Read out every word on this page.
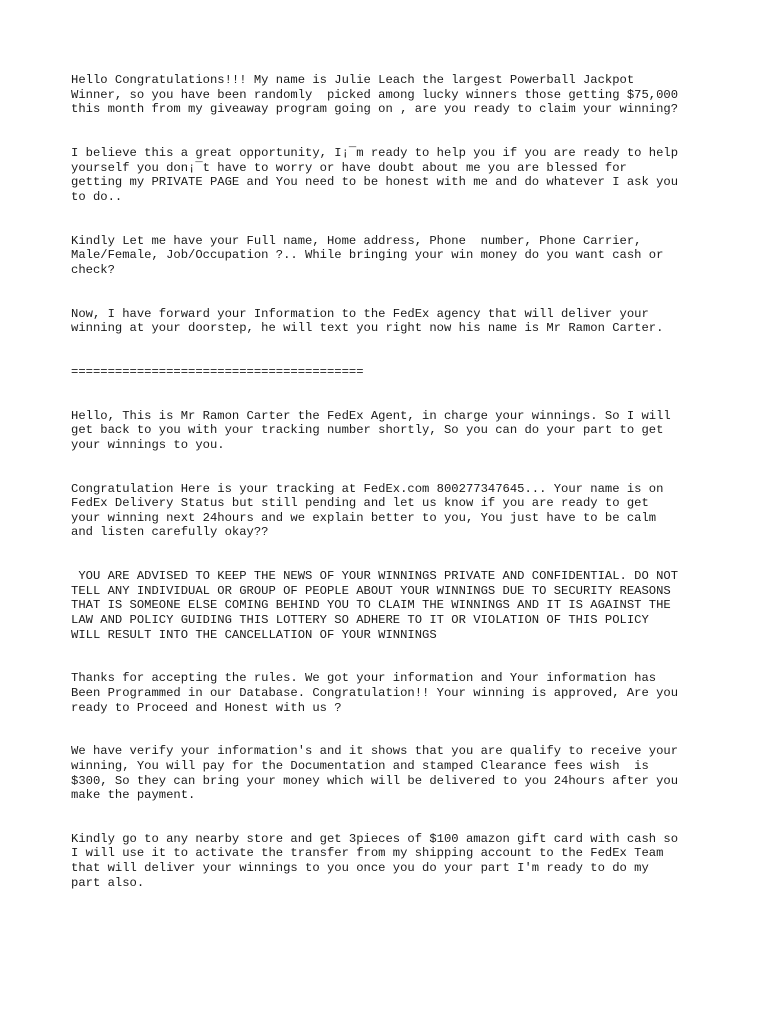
Hello Congratulations!!! My name is Julie Leach the largest Powerball Jackpot
Winner, so you have been randomly  picked among lucky winners those getting $75,000
this month from my giveaway program going on , are you ready to claim your winning?

I believe this a great opportunity, I¡¯m ready to help you if you are ready to help
yourself you don¡¯t have to worry or have doubt about me you are blessed for
getting my PRIVATE PAGE and You need to be honest with me and do whatever I ask you
to do..

Kindly Let me have your Full name, Home address, Phone  number, Phone Carrier,
Male/Female, Job/Occupation ?.. While bringing your win money do you want cash or
check?

Now, I have forward your Information to the FedEx agency that will deliver your
winning at your doorstep, he will text you right now his name is Mr Ramon Carter.

========================================

Hello, This is Mr Ramon Carter the FedEx Agent, in charge your winnings. So I will
get back to you with your tracking number shortly, So you can do your part to get
your winnings to you.

Congratulation Here is your tracking at FedEx.com 800277347645... Your name is on
FedEx Delivery Status but still pending and let us know if you are ready to get
your winning next 24hours and we explain better to you, You just have to be calm
and listen carefully okay??

YOU ARE ADVISED TO KEEP THE NEWS OF YOUR WINNINGS PRIVATE AND CONFIDENTIAL. DO NOT
TELL ANY INDIVIDUAL OR GROUP OF PEOPLE ABOUT YOUR WINNINGS DUE TO SECURITY REASONS
THAT IS SOMEONE ELSE COMING BEHIND YOU TO CLAIM THE WINNINGS AND IT IS AGAINST THE
LAW AND POLICY GUIDING THIS LOTTERY SO ADHERE TO IT OR VIOLATION OF THIS POLICY
WILL RESULT INTO THE CANCELLATION OF YOUR WINNINGS

Thanks for accepting the rules. We got your information and Your information has
Been Programmed in our Database. Congratulation!! Your winning is approved, Are you
ready to Proceed and Honest with us ?

We have verify your information's and it shows that you are qualify to receive your
winning, You will pay for the Documentation and stamped Clearance fees wish  is
$300, So they can bring your money which will be delivered to you 24hours after you
make the payment.

Kindly go to any nearby store and get 3pieces of $100 amazon gift card with cash so
I will use it to activate the transfer from my shipping account to the FedEx Team
that will deliver your winnings to you once you do your part I'm ready to do my
part also.
